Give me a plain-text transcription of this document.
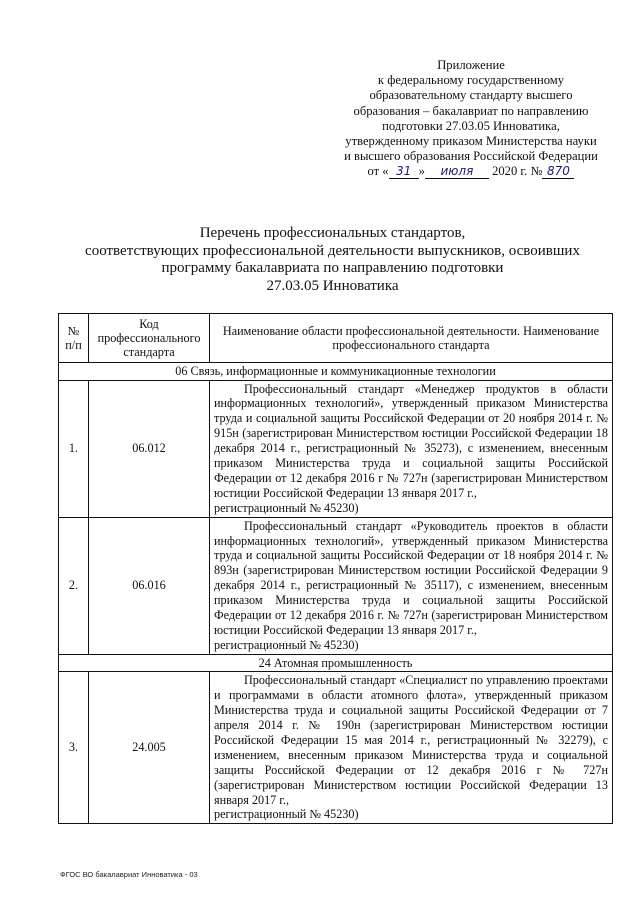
Приложение
к федеральному государственному
образовательному стандарту высшего
образования – бакалавриат по направлению
подготовки 27.03.05 Инноватика,
утвержденному приказом Министерства науки
и высшего образования Российской Федерации
от « 31 » июля 2020 г. № 870
Перечень профессиональных стандартов,
соответствующих профессиональной деятельности выпускников, освоивших
программу бакалавриата по направлению подготовки
27.03.05 Инноватика
№ п/п	Код профессионального стандарта	Наименование области профессиональной деятельности. Наименование профессионального стандарта
06 Связь, информационные и коммуникационные технологии		
1.	06.012	Профессиональный стандарт «Менеджер продуктов в области информационных технологий», утвержденный приказом Министерства труда и социальной защиты Российской Федерации от 20 ноября 2014 г. № 915н (зарегистрирован Министерством юстиции Российской Федерации 18 декабря 2014 г., регистрационный № 35273), с изменением, внесенным приказом Министерства труда и социальной защиты Российской Федерации от 12 декабря 2016 г № 727н (зарегистрирован Министерством юстиции Российской Федерации 13 января 2017 г.,
регистрационный № 45230)

2.	06.016	Профессиональный стандарт «Руководитель проектов в области информационных технологий», утвержденный приказом Министерства труда и социальной защиты Российской Федерации от 18 ноября 2014 г. № 893н (зарегистрирован Министерством юстиции Российской Федерации 9 декабря 2014 г., регистрационный № 35117), с изменением, внесенным приказом Министерства труда и социальной защиты Российской Федерации от 12 декабря 2016 г. № 727н (зарегистрирован Министерством юстиции Российской Федерации 13 января 2017 г.,
регистрационный № 45230)

24 Атомная промышленность		
3.	24.005	Профессиональный стандарт «Специалист по управлению проектами и программами в области атомного флота», утвержденный приказом Министерства труда и социальной защиты Российской Федерации от 7 апреля 2014 г. № 190н (зарегистрирован Министерством юстиции Российской Федерации 15 мая 2014 г., регистрационный № 32279), с изменением, внесенным приказом Министерства труда и социальной защиты Российской Федерации от 12 декабря 2016 г № 727н (зарегистрирован Министерством юстиции Российской Федерации 13 января 2017 г.,
регистрационный № 45230)
ФГОС ВО бакалавриат Инноватика - 03
